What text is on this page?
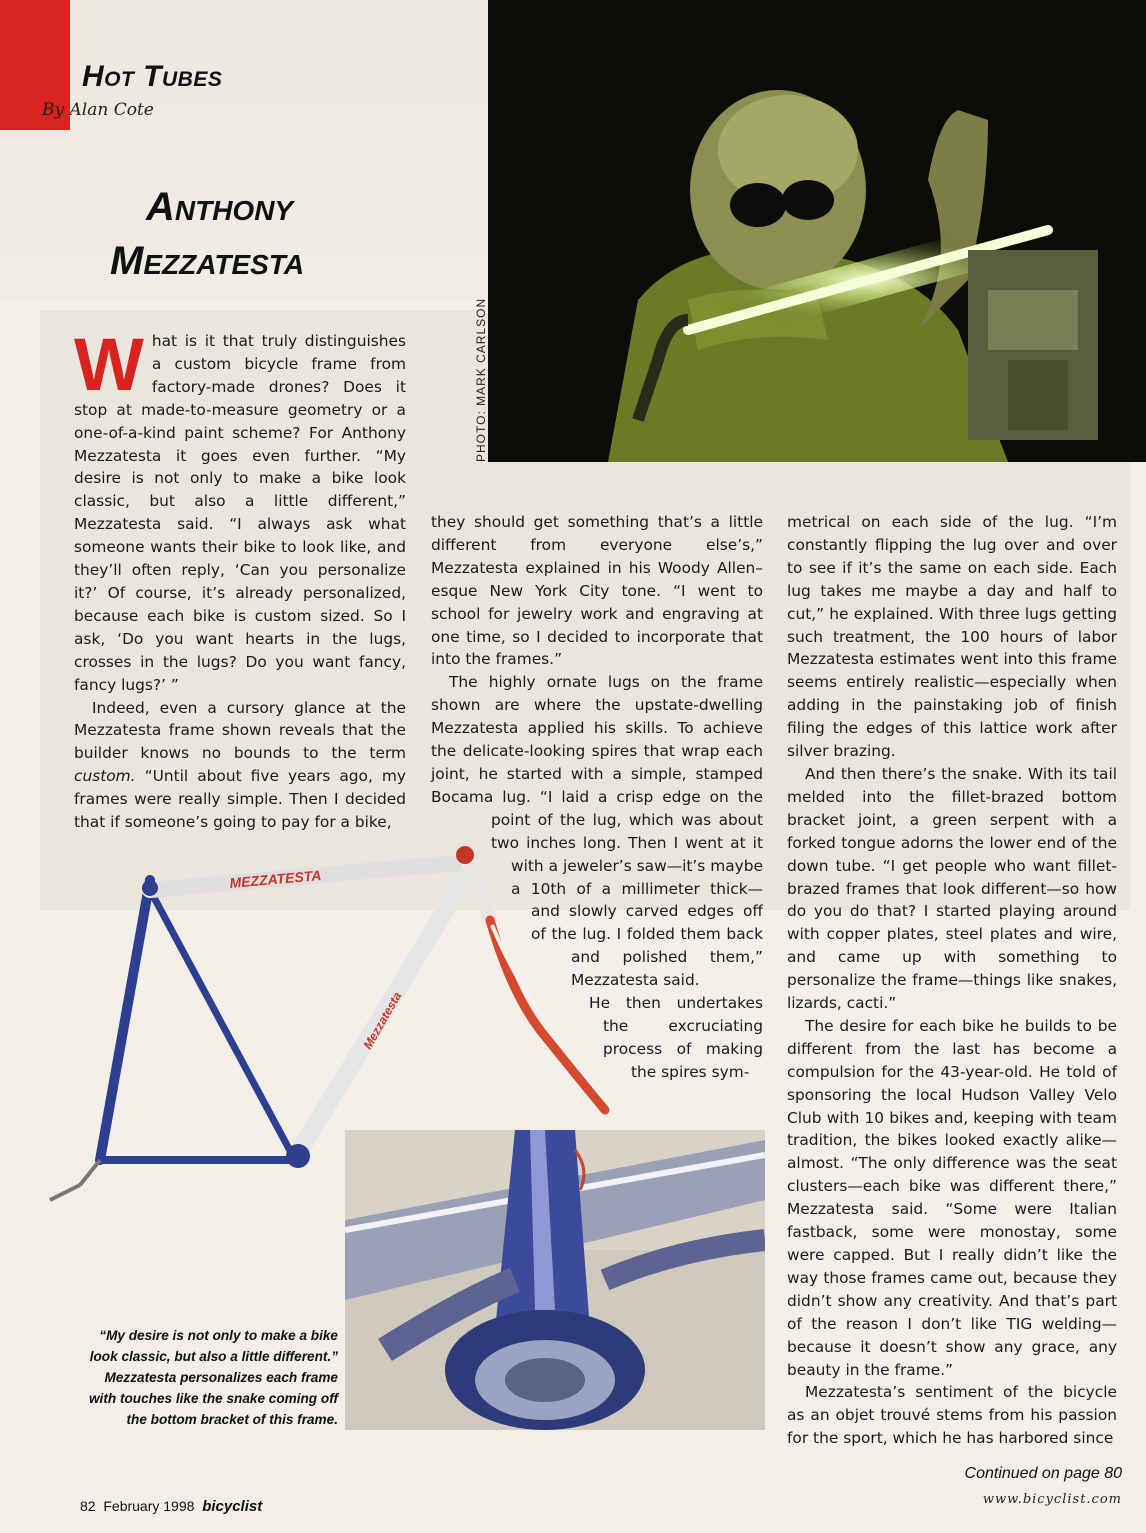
Hot Tubes
By Alan Cote
Anthony
Mezzatesta
PHOTO: MARK CARLSON

What is it that truly distinguishes a custom bicycle frame from factory-made drones? Does it stop at made-to-measure geometry or a one-of-a-kind paint scheme? For Anthony Mezzatesta it goes even further. “My desire is not only to make a bike look classic, but also a little different,” Mezzatesta said. “I always ask what someone wants their bike to look like, and they’ll often reply, ‘Can you personalize it?’ Of course, it’s already personalized, because each bike is custom sized. So I ask, ‘Do you want hearts in the lugs, crosses in the lugs? Do you want fancy, fancy lugs?’ ”

Indeed, even a cursory glance at the Mezzatesta frame shown reveals that the builder knows no bounds to the term custom. “Until about five years ago, my frames were really simple. Then I decided that if someone’s going to pay for a bike,

they should get something that’s a little different from everyone else’s,” Mezzatesta explained in his Woody Allen–esque New York City tone. “I went to school for jewelry work and engraving at one time, so I decided to incorporate that into the frames.”

The highly ornate lugs on the frame shown are where the upstate-dwelling Mezzatesta applied his skills. To achieve the delicate-looking spires that wrap each joint, he started with a simple, stamped Bocama lug. “I laid a crisp edge on the point of the lug, which was about two inches long. Then I went at it with a jeweler’s saw—it’s maybe a 10th of a millimeter thick—and slowly carved edges off of the lug. I folded them back and polished them,” Mezzatesta said.

He then undertakes the excruciating process of making the spires sym-

metrical on each side of the lug. “I’m constantly flipping the lug over and over to see if it’s the same on each side. Each lug takes me maybe a day and half to cut,” he explained. With three lugs getting such treatment, the 100 hours of labor Mezzatesta estimates went into this frame seems entirely realistic—especially when adding in the painstaking job of finish filing the edges of this lattice work after silver brazing.

And then there’s the snake. With its tail melded into the fillet-brazed bottom bracket joint, a green serpent with a forked tongue adorns the lower end of the down tube. “I get people who want fillet-brazed frames that look different—so how do you do that? I started playing around with copper plates, steel plates and wire, and came up with something to personalize the frame—things like snakes, lizards, cacti.”

The desire for each bike he builds to be different from the last has become a compulsion for the 43-year-old. He told of sponsoring the local Hudson Valley Velo Club with 10 bikes and, keeping with team tradition, the bikes looked exactly alike—almost. “The only difference was the seat clusters—each bike was different there,” Mezzatesta said. “Some were Italian fastback, some were monostay, some were capped. But I really didn’t like the way those frames came out, because they didn’t show any creativity. And that’s part of the reason I don’t like TIG welding—because it doesn’t show any grace, any beauty in the frame.”

Mezzatesta’s sentiment of the bicycle as an objet trouvé stems from his passion for the sport, which he has harbored since

MEZZATESTA
Mezzatesta
“My desire is not only to make a bike look classic, but also a little different.” Mezzatesta personalizes each frame with touches like the snake coming off the bottom bracket of this frame.
Continued on page 80
www.bicyclist.com
82 February 1998 bicyclist
